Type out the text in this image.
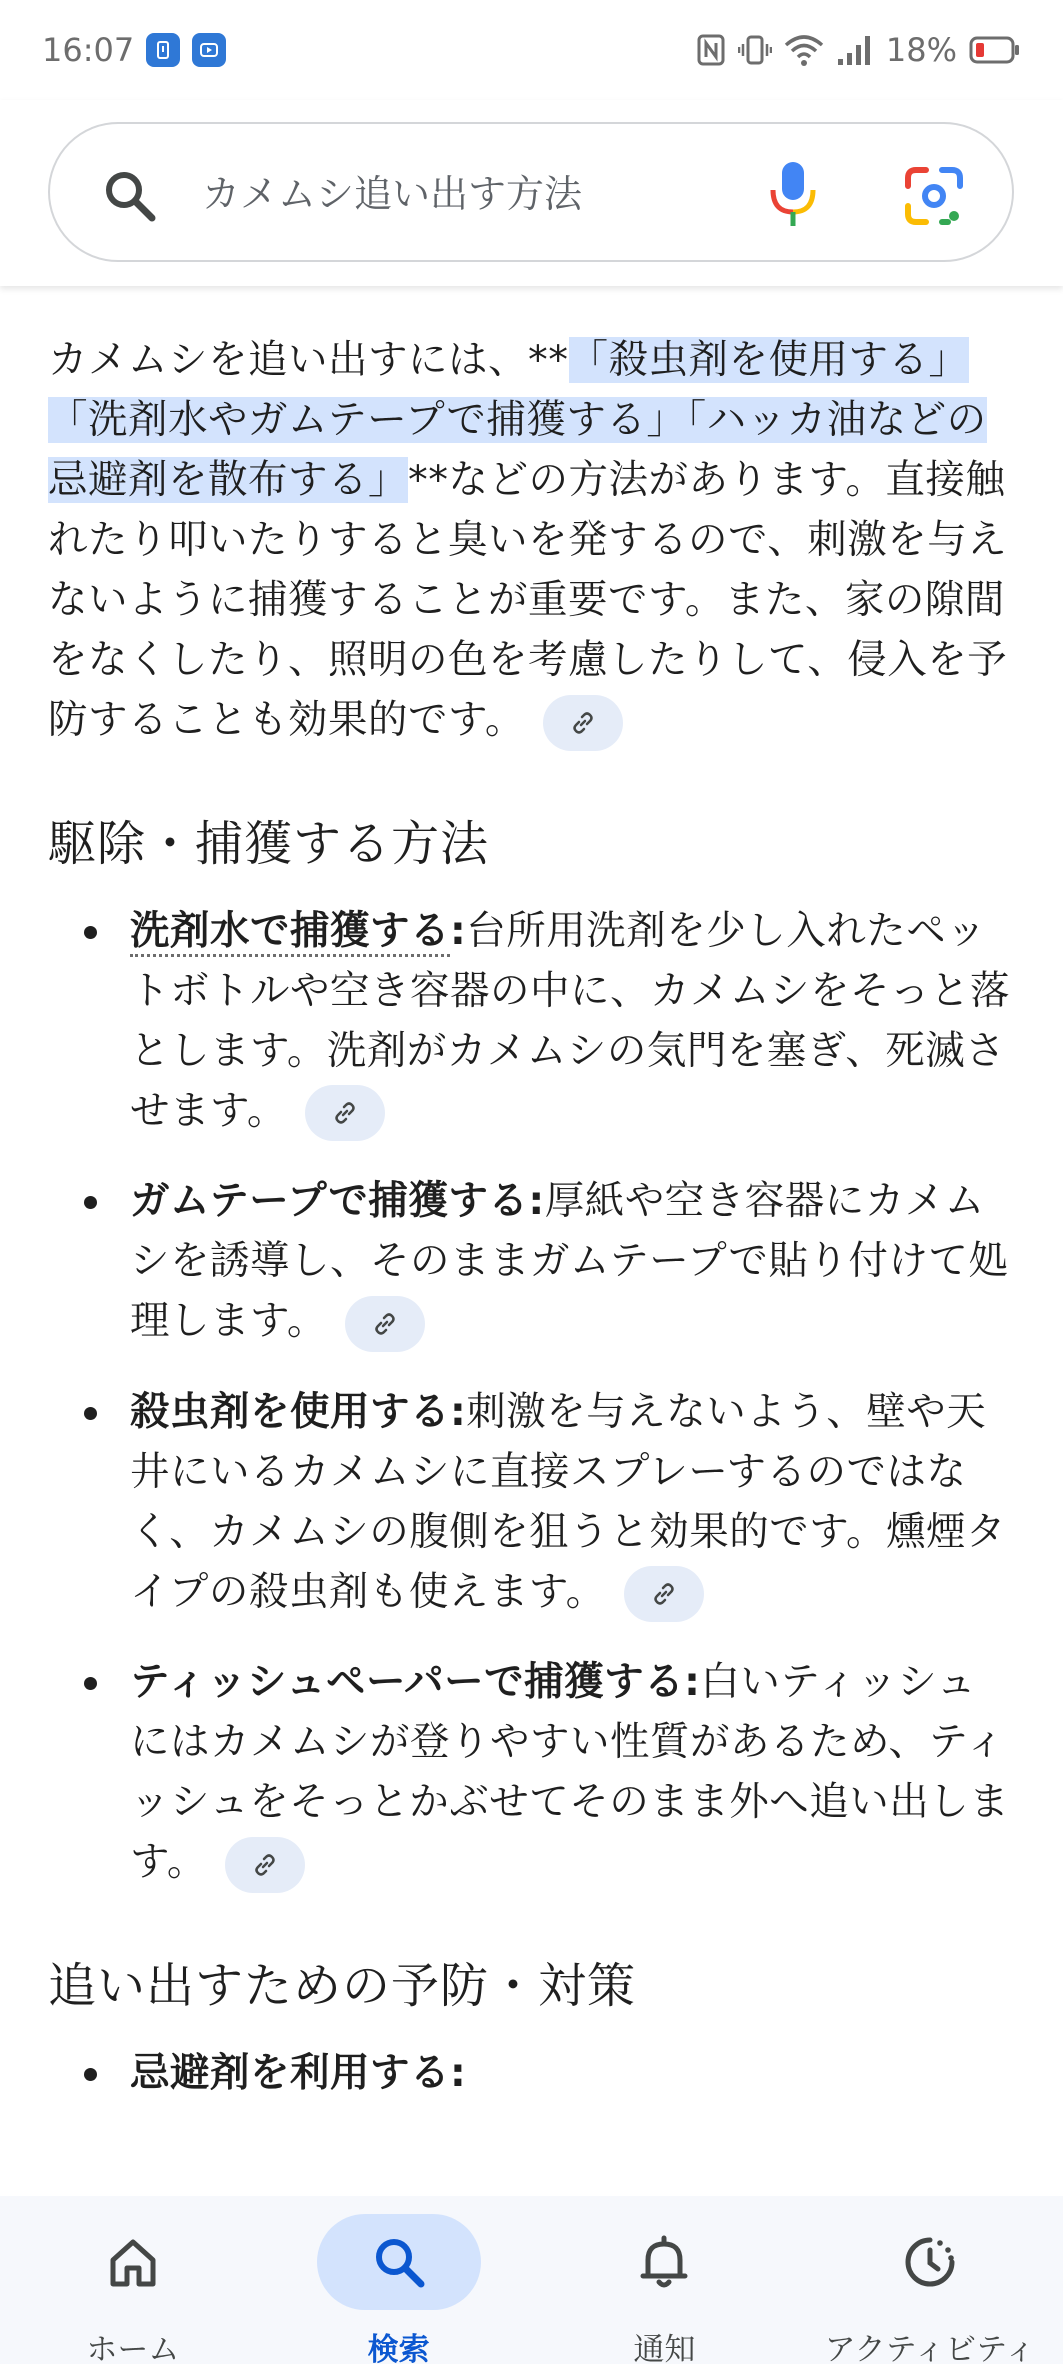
16:07	18%
カメムシ追い出す方法

カメムシを追い出すには、**「殺虫剤を使用する」「洗剤水やガムテープで捕獲する」「ハッカ油などの忌避剤を散布する」**などの方法があります。直接触れたり叩いたりすると臭いを発するので、刺激を与えないように捕獲することが重要です。また、家の隙間をなくしたり、照明の色を考慮したりして、侵入を予防することも効果的です。

駆除・捕獲する方法
洗剤水で捕獲する:台所用洗剤を少し入れたペットボトルや空き容器の中に、カメムシをそっと落とします。洗剤がカメムシの気門を塞ぎ、死滅させます。
ガムテープで捕獲する:厚紙や空き容器にカメムシを誘導し、そのままガムテープで貼り付けて処理します。
殺虫剤を使用する:刺激を与えないよう、壁や天井にいるカメムシに直接スプレーするのではなく、カメムシの腹側を狙うと効果的です。燻煙タイプの殺虫剤も使えます。
ティッシュペーパーで捕獲する:白いティッシュにはカメムシが登りやすい性質があるため、ティッシュをそっとかぶせてそのまま外へ追い出します。
追い出すための予防・対策
忌避剤を利用する:
ホーム	検索	通知	アクティビティ
